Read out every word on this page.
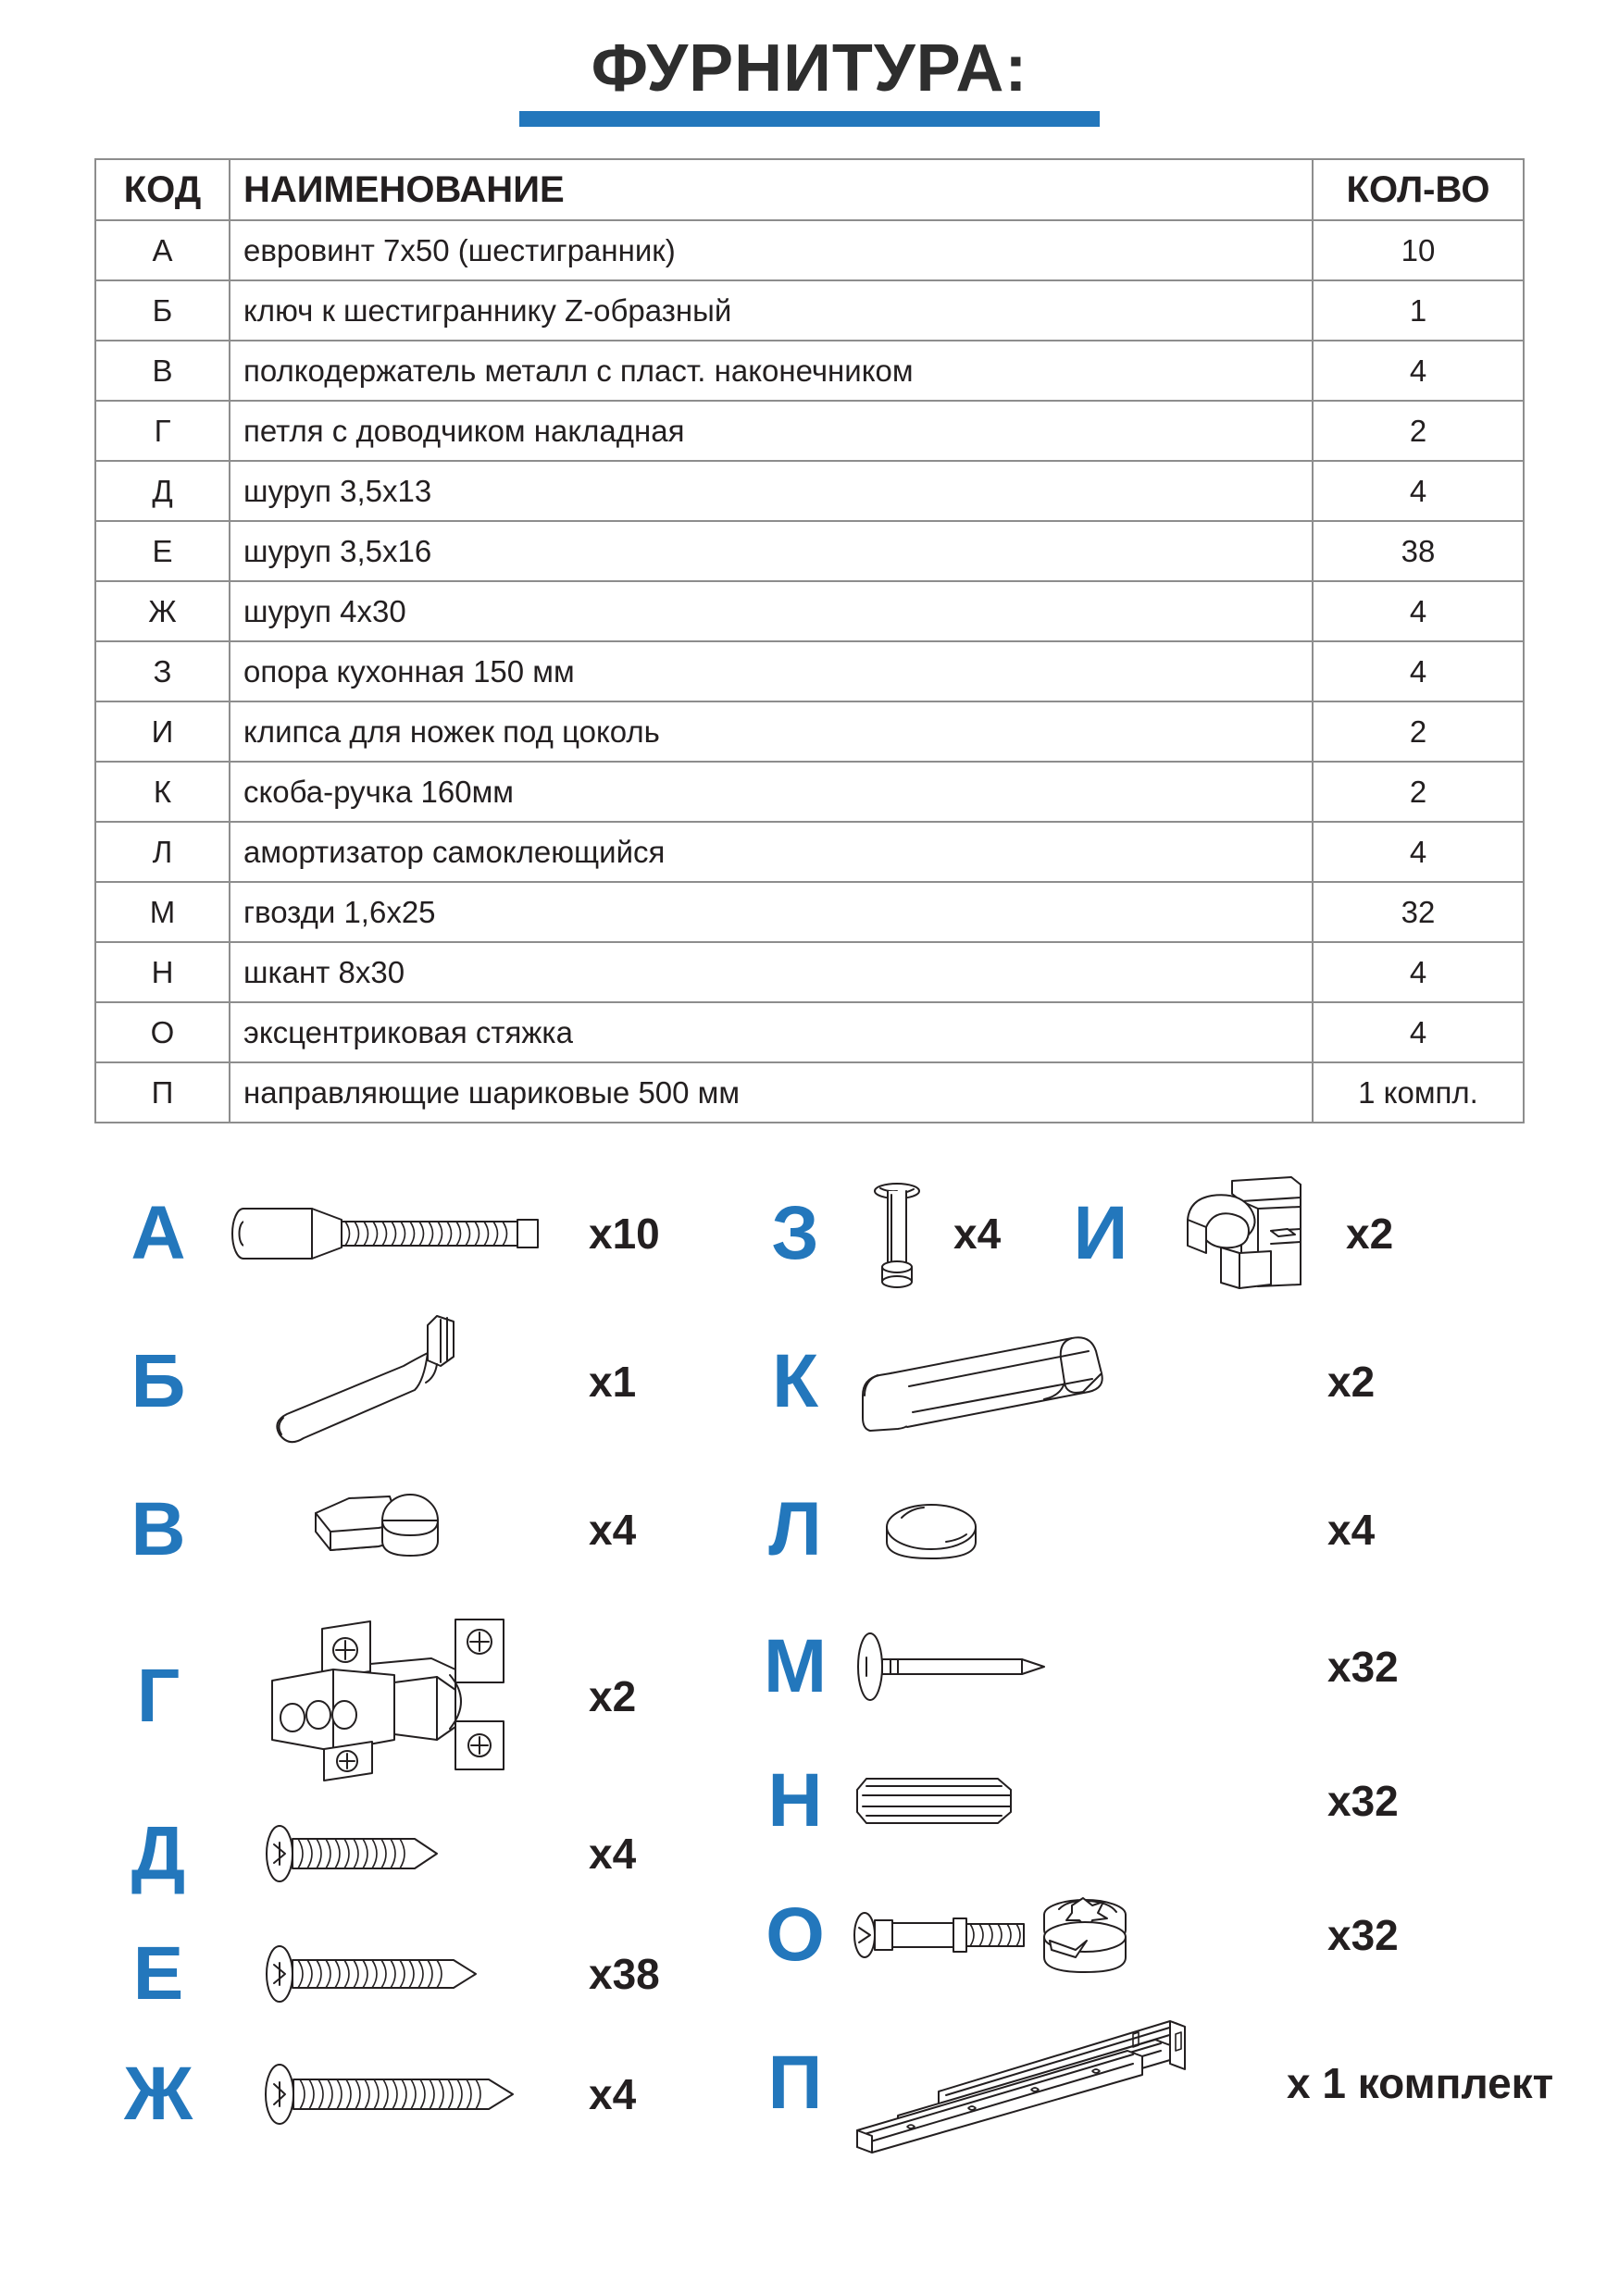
ФУРНИТУРА:
КОД	НАИМЕНОВАНИЕ	КОЛ-ВО
А	евровинт 7х50 (шестигранник)	10
Б	ключ к шестиграннику Z-образный	1
В	полкодержатель металл с пласт. наконечником	4
Г	петля с доводчиком накладная	2
Д	шуруп 3,5х13	4
Е	шуруп 3,5х16	38
Ж	шуруп 4х30	4
З	опора кухонная 150 мм	4
И	клипса для ножек под цоколь	2
К	скоба-ручка 160мм	2
Л	амортизатор самоклеющийся	4
М	гвозди 1,6х25	32
Н	шкант 8х30	4
О	эксцентриковая стяжка	4
П	направляющие шариковые 500 мм	1 компл.
А	x10
Б	x1
В	x4
Г	x2
Д	x4
Е	x38
Ж	x4
З	x4 И	x2
К	x2
Л	x4
М	x32
Н	x32
О	x32
П	x 1 комплект
